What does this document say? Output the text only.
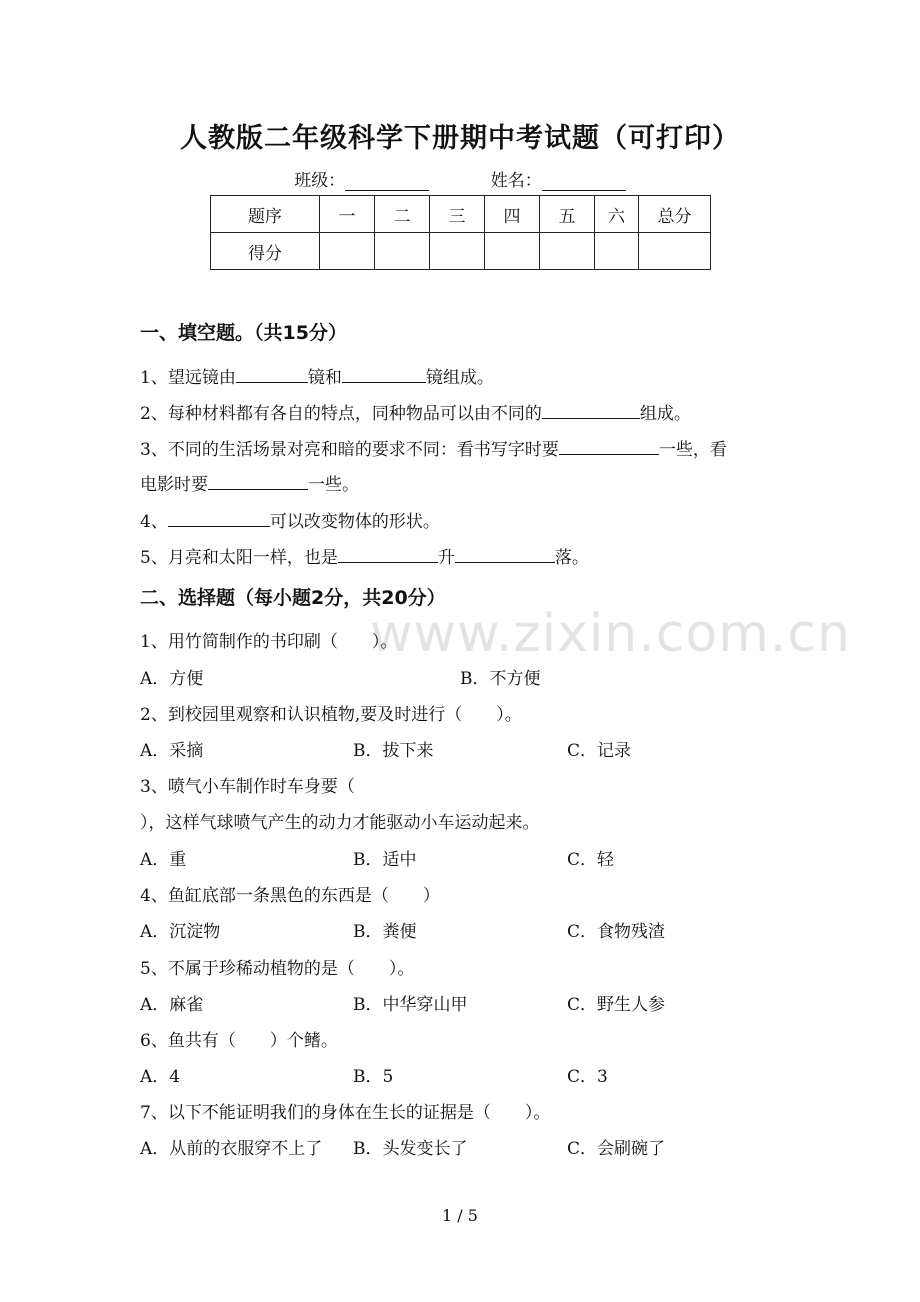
人教版二年级科学下册期中考试题（可打印）
班级：	姓名：
题序	一	二	三	四	五	六	总分
得分							
一、填空题。（共15分）
1、望远镜由	镜和	镜组成。
2、每种材料都有各自的特点，同种物品可以由不同的	组成。
3、不同的生活场景对亮和暗的要求不同：看书写字时要	一些，看
电影时要	一些。
4、	可以改变物体的形状。
5、月亮和太阳一样，也是	升	落。
二、选择题（每小题2分，共20分）
www.zixin.com.cn
1、用竹简制作的书印刷（　　）。
A．方便	B．不方便
2、到校园里观察和认识植物,要及时进行（　　）。
A．采摘	B．拔下来	C．记录
3、喷气小车制作时车身要（
），这样气球喷气产生的动力才能驱动小车运动起来。
A．重	B．适中	C．轻
4、鱼缸底部一条黑色的东西是（　　）
A．沉淀物	B．粪便	C．食物残渣
5、不属于珍稀动植物的是（　　）。
A．麻雀	B．中华穿山甲	C．野生人参
6、鱼共有（　　）个鳍。
A．4	B．5	C．3
7、以下不能证明我们的身体在生长的证据是（　　）。
A．从前的衣服穿不上了 B．头发变长了	C．会刷碗了
1 / 5
